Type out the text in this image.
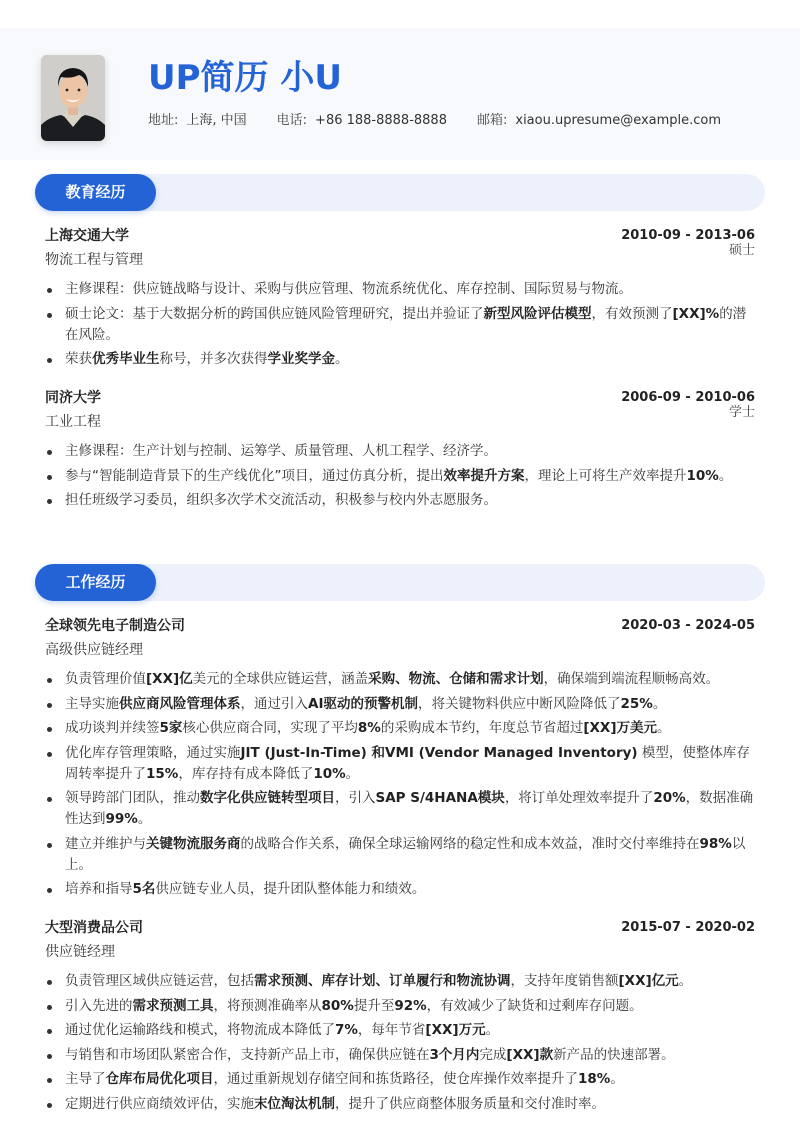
UP简历 小U
地址: 上海, 中国 电话: +86 188-8888-8888 邮箱: xiaou.upresume@example.com
教育经历
上海交通大学	2010-09 - 2013-06
物流工程与管理
硕士
主修课程：供应链战略与设计、采购与供应管理、物流系统优化、库存控制、国际贸易与物流。
硕士论文：基于大数据分析的跨国供应链风险管理研究，提出并验证了新型风险评估模型，有效预测了[XX]%的潜在风险。
荣获优秀毕业生称号，并多次获得学业奖学金。
同济大学	2006-09 - 2010-06
工业工程
学士
主修课程：生产计划与控制、运筹学、质量管理、人机工程学、经济学。
参与“智能制造背景下的生产线优化”项目，通过仿真分析，提出效率提升方案，理论上可将生产效率提升10%。
担任班级学习委员，组织多次学术交流活动，积极参与校内外志愿服务。
工作经历
全球领先电子制造公司	2020-03 - 2024-05
高级供应链经理
负责管理价值[XX]亿美元的全球供应链运营，涵盖采购、物流、仓储和需求计划，确保端到端流程顺畅高效。
主导实施供应商风险管理体系，通过引入AI驱动的预警机制，将关键物料供应中断风险降低了25%。
成功谈判并续签5家核心供应商合同，实现了平均8%的采购成本节约，年度总节省超过[XX]万美元。
优化库存管理策略，通过实施JIT (Just-In-Time) 和VMI (Vendor Managed Inventory) 模型，使整体库存周转率提升了15%，库存持有成本降低了10%。
领导跨部门团队，推动数字化供应链转型项目，引入SAP S/4HANA模块，将订单处理效率提升了20%，数据准确性达到99%。
建立并维护与关键物流服务商的战略合作关系，确保全球运输网络的稳定性和成本效益，准时交付率维持在98%以上。
培养和指导5名供应链专业人员，提升团队整体能力和绩效。
大型消费品公司	2015-07 - 2020-02
供应链经理
负责管理区域供应链运营，包括需求预测、库存计划、订单履行和物流协调，支持年度销售额[XX]亿元。
引入先进的需求预测工具，将预测准确率从80%提升至92%，有效减少了缺货和过剩库存问题。
通过优化运输路线和模式，将物流成本降低了7%，每年节省[XX]万元。
与销售和市场团队紧密合作，支持新产品上市，确保供应链在3个月内完成[XX]款新产品的快速部署。
主导了仓库布局优化项目，通过重新规划存储空间和拣货路径，使仓库操作效率提升了18%。
定期进行供应商绩效评估，实施末位淘汰机制，提升了供应商整体服务质量和交付准时率。
